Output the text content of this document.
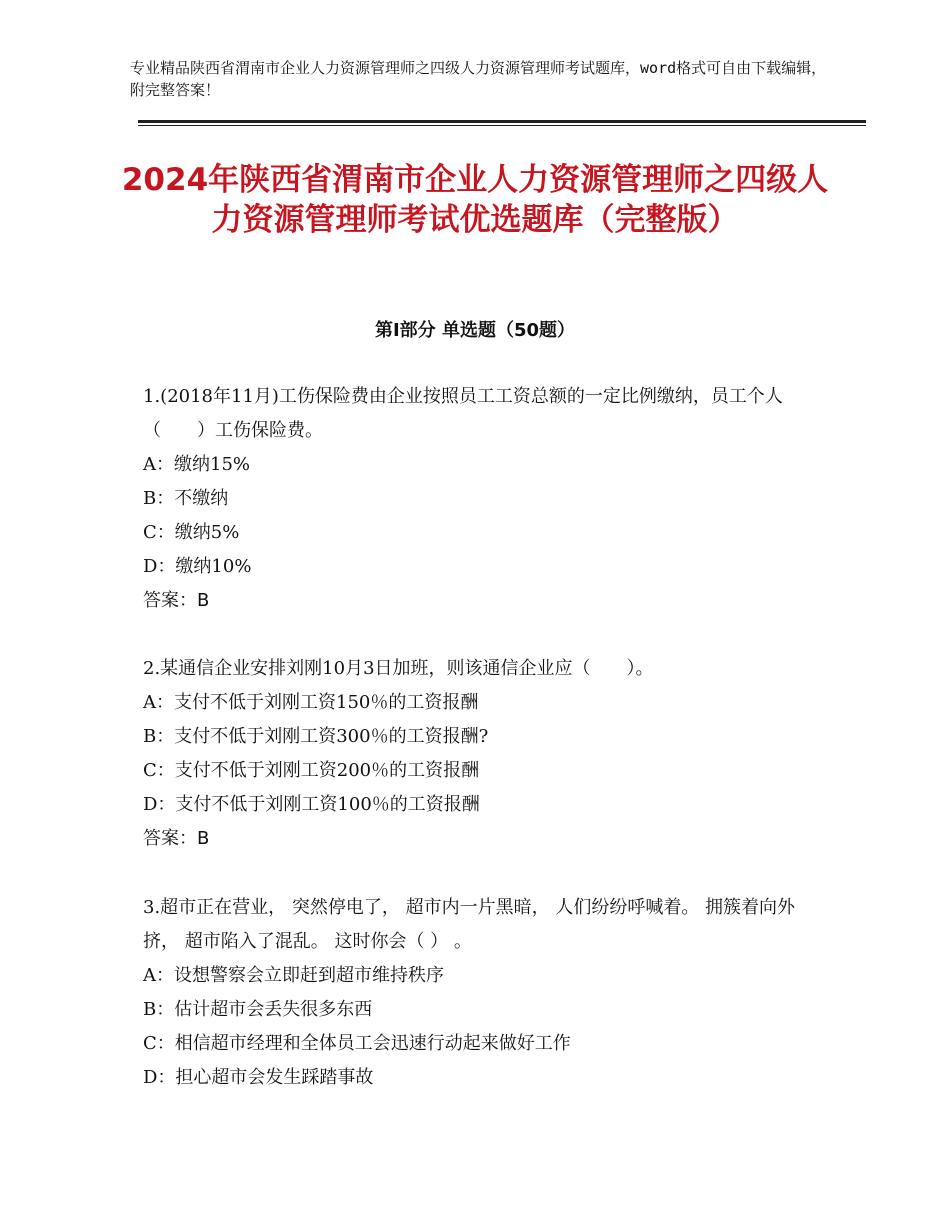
专业精品陕西省渭南市企业人力资源管理师之四级人力资源管理师考试题库，word格式可自由下载编辑，附完整答案！
2024年陕西省渭南市企业人力资源管理师之四级人力资源管理师考试优选题库（完整版）
第Ⅰ部分 单选题（50题）

1.(2018年11月)工伤保险费由企业按照员工工资总额的一定比例缴纳，员工个人（　　）工伤保险费。

A：缴纳15%

B：不缴纳

C：缴纳5%

D：缴纳10%

答案：B

2.某通信企业安排刘刚10月3日加班，则该通信企业应（　　）。

A：支付不低于刘刚工资150％的工资报酬

B：支付不低于刘刚工资300％的工资报酬?

C：支付不低于刘刚工资200％的工资报酬

D：支付不低于刘刚工资100％的工资报酬

答案：B

3.超市正在营业， 突然停电了， 超市内一片黑暗， 人们纷纷呼喊着。 拥簇着向外挤， 超市陷入了混乱。 这时你会（ ） 。

A：设想警察会立即赶到超市维持秩序

B：估计超市会丢失很多东西

C：相信超市经理和全体员工会迅速行动起来做好工作

D：担心超市会发生踩踏事故
